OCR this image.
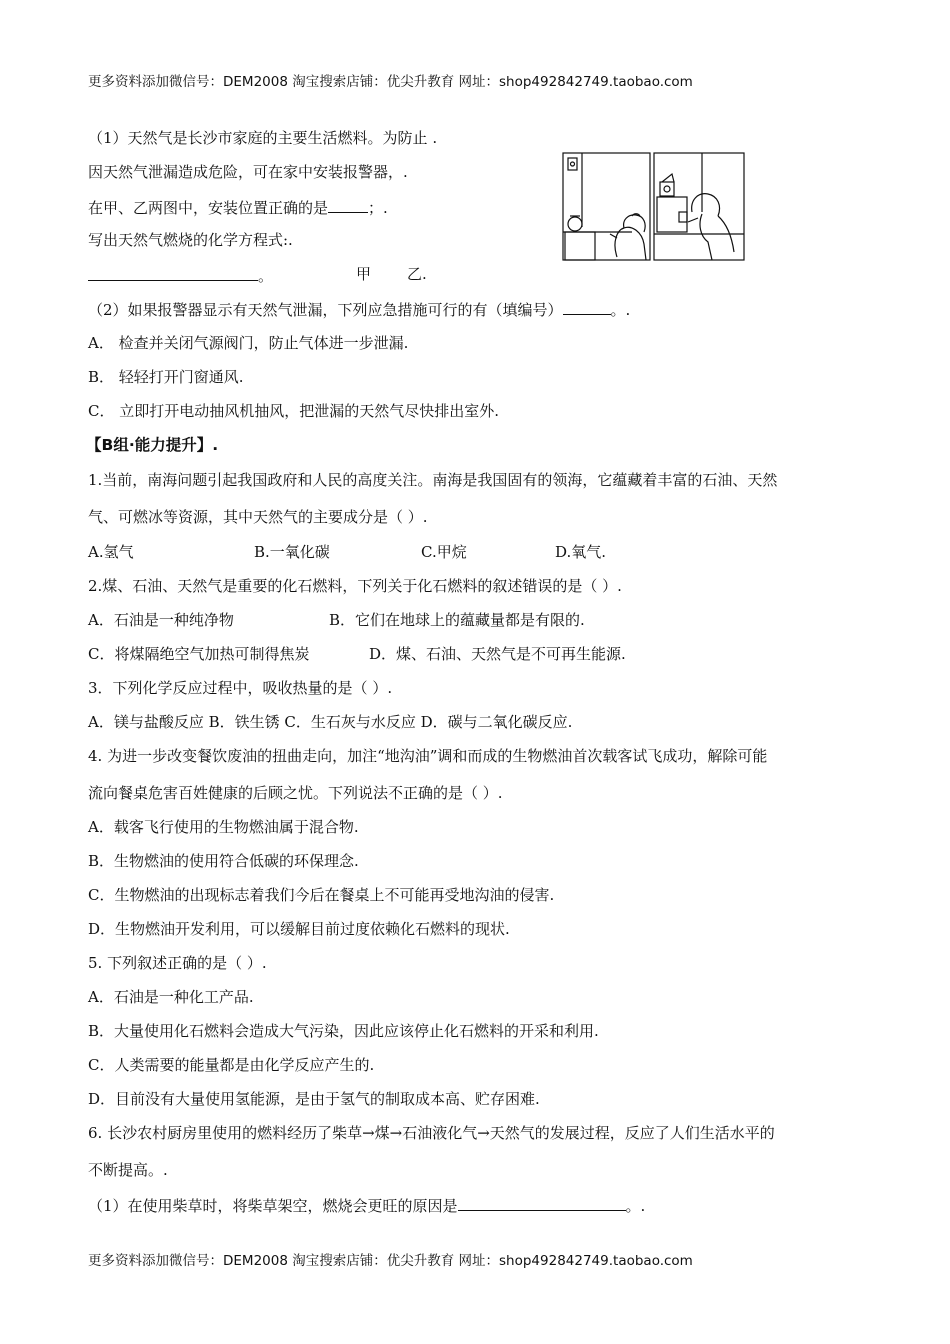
更多资料添加微信号：DEM2008 淘宝搜索店铺：优尖升教育 网址：shop492842749.taobao.com
（1）天然气是长沙市家庭的主要生活燃料。为防止 .
因天然气泄漏造成危险，可在家中安装报警器，.
在甲、乙两图中，安装位置正确的是	；.
写出天然气燃烧的化学方程式:.
。	甲 乙.
（2）如果报警器显示有天然气泄漏，下列应急措施可行的有（填编号）	。.
A． 检查并关闭气源阀门，防止气体进一步泄漏.
B． 轻轻打开门窗通风.
C． 立即打开电动抽风机抽风，把泄漏的天然气尽快排出室外.
【B组·能力提升】.
1.当前，南海问题引起我国政府和人民的高度关注。南海是我国固有的领海，它蕴藏着丰富的石油、天然
气、可燃冰等资源，其中天然气的主要成分是（ ）.
A.氢气	B.一氧化碳	C.甲烷	D.氧气.
2.煤、石油、天然气是重要的化石燃料，下列关于化石燃料的叙述错误的是（ ）.
A．石油是一种纯净物	B．它们在地球上的蕴藏量都是有限的.
C．将煤隔绝空气加热可制得焦炭	D．煤、石油、天然气是不可再生能源.
3．下列化学反应过程中，吸收热量的是（ ）.
A．镁与盐酸反应 B．铁生锈 C．生石灰与水反应 D．碳与二氧化碳反应.
4. 为进一步改变餐饮废油的扭曲走向，加注“地沟油”调和而成的生物燃油首次载客试飞成功，解除可能
流向餐桌危害百姓健康的后顾之忧。下列说法不正确的是（ ）.
A．载客飞行使用的生物燃油属于混合物.
B．生物燃油的使用符合低碳的环保理念.
C．生物燃油的出现标志着我们今后在餐桌上不可能再受地沟油的侵害.
D．生物燃油开发利用，可以缓解目前过度依赖化石燃料的现状.
5. 下列叙述正确的是（ ）.
A．石油是一种化工产品.
B．大量使用化石燃料会造成大气污染，因此应该停止化石燃料的开采和利用.
C．人类需要的能量都是由化学反应产生的.
D．目前没有大量使用氢能源，是由于氢气的制取成本高、贮存困难.
6. 长沙农村厨房里使用的燃料经历了柴草→煤→石油液化气→天然气的发展过程，反应了人们生活水平的
不断提高。.
（1）在使用柴草时，将柴草架空，燃烧会更旺的原因是	。.
更多资料添加微信号：DEM2008 淘宝搜索店铺：优尖升教育 网址：shop492842749.taobao.com
